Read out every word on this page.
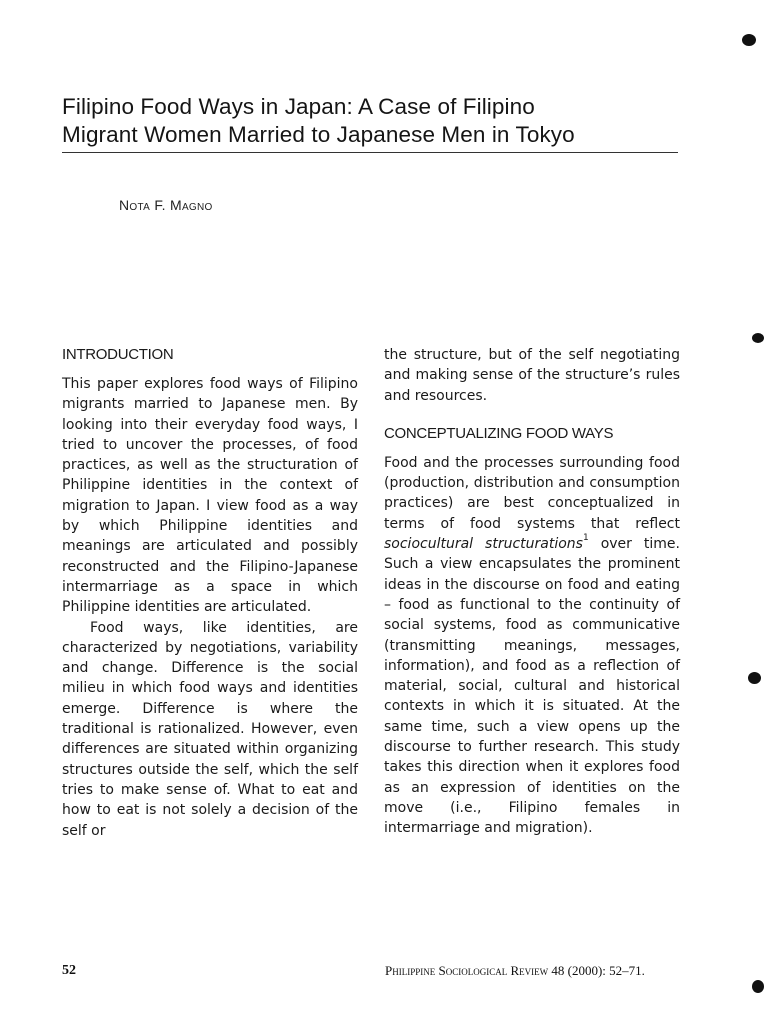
Filipino Food Ways in Japan: A Case of Filipino
Migrant Women Married to Japanese Men in Tokyo
Nota F. Magno
INTRODUCTION

This paper explores food ways of Filipino migrants married to Japanese men. By looking into their everyday food ways, I tried to uncover the processes, of food practices, as well as the structuration of Philippine identities in the context of migration to Japan. I view food as a way by which Philippine identities and meanings are articulated and possibly reconstructed and the Filipino-Japanese intermarriage as a space in which Philippine identities are articulated.

Food ways, like identities, are characterized by negotiations, variability and change. Difference is the social milieu in which food ways and identities emerge. Difference is where the traditional is rationalized. However, even differences are situated within organizing structures outside the self, which the self tries to make sense of. What to eat and how to eat is not solely a decision of the self or

the structure, but of the self negotiating and making sense of the structure’s rules and resources.

CONCEPTUALIZING FOOD WAYS

Food and the processes surrounding food (production, distribution and consumption practices) are best conceptualized in terms of food systems that reflect sociocultural structurations$^1$ over time. Such a view encapsulates the prominent ideas in the discourse on food and eating – food as functional to the continuity of social systems, food as communicative (transmitting meanings, messages, information), and food as a reflection of material, social, cultural and historical contexts in which it is situated. At the same time, such a view opens up the discourse to further research. This study takes this direction when it explores food as an expression of identities on the move (i.e., Filipino females in intermarriage and migration).

52	Philippine Sociological Review 48 (2000): 52–71.
